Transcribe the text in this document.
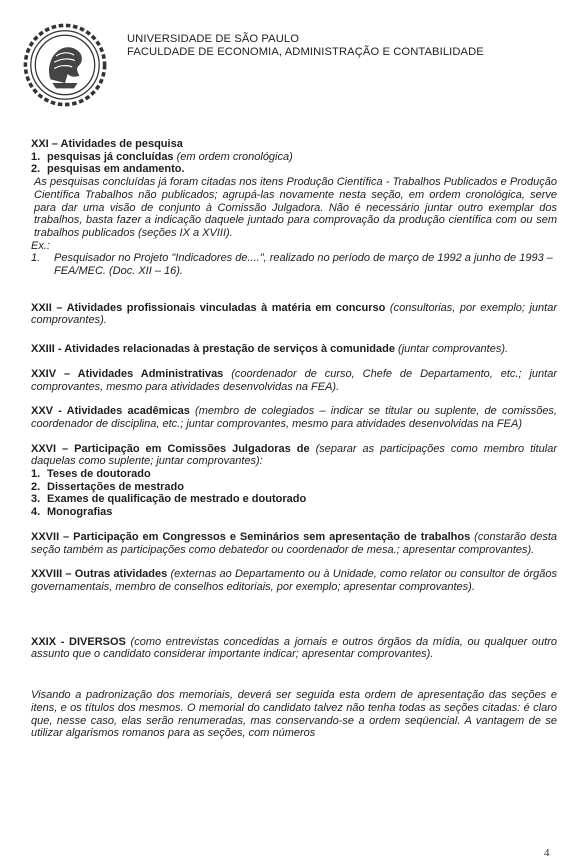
UNIVERSIDADE DE SÃO PAULO
FACULDADE DE ECONOMIA, ADMINISTRAÇÃO E CONTABILIDADE

XXI – Atividades de pesquisa

1. pesquisas já concluídas (em ordem cronológica)
2. pesquisas em andamento.

As pesquisas concluídas já foram citadas nos itens Produção Científica - Trabalhos Publicados e Produção Científica Trabalhos não publicados; agrupá-las novamente nesta seção, em ordem cronológica, serve para dar uma visão de conjunto à Comissão Julgadora. Não é necessário juntar outro exemplar dos trabalhos, basta fazer a indicação daquele juntado para comprovação da produção científica com ou sem trabalhos publicados (seções IX a XVIII).

Ex.:

1.	Pesquisador no Projeto "Indicadores de....", realizado no período de março de 1992 a junho de 1993 – FEA/MEC. (Doc. XII – 16).

XXII – Atividades profissionais vinculadas à matéria em concurso (consultorias, por exemplo; juntar comprovantes).

XXIII - Atividades relacionadas à prestação de serviços à comunidade (juntar comprovantes).

XXIV – Atividades Administrativas (coordenador de curso, Chefe de Departamento, etc.; juntar comprovantes, mesmo para atividades desenvolvidas na FEA).

XXV - Atividades acadêmicas (membro de colegiados – indicar se titular ou suplente, de comissões, coordenador de disciplina, etc.; juntar comprovantes, mesmo para atividades desenvolvidas na FEA)

XXVI – Participação em Comissões Julgadoras de (separar as participações como membro titular daquelas como suplente; juntar comprovantes):

1. Teses de doutorado
2. Dissertações de mestrado
3. Exames de qualificação de mestrado e doutorado
4. Monografias

XXVII – Participação em Congressos e Seminários sem apresentação de trabalhos (constarão desta seção também as participações como debatedor ou coordenador de mesa.; apresentar comprovantes).

XXVIII – Outras atividades (externas ao Departamento ou à Unidade, como relator ou consultor de órgãos governamentais, membro de conselhos editoriais, por exemplo; apresentar comprovantes).

XXIX - DIVERSOS (como entrevistas concedidas a jornais e outros órgãos da mídia, ou qualquer outro assunto que o candidato considerar importante indicar; apresentar comprovantes).

Visando a padronização dos memoriais, deverá ser seguida esta ordem de apresentação das seções e itens, e os títulos dos mesmos. O memorial do candidato talvez não tenha todas as seções citadas: é claro que, nesse caso, elas serão renumeradas, mas conservando-se a ordem seqüencial. A vantagem de se utilizar algarismos romanos para as seções, com números

4
